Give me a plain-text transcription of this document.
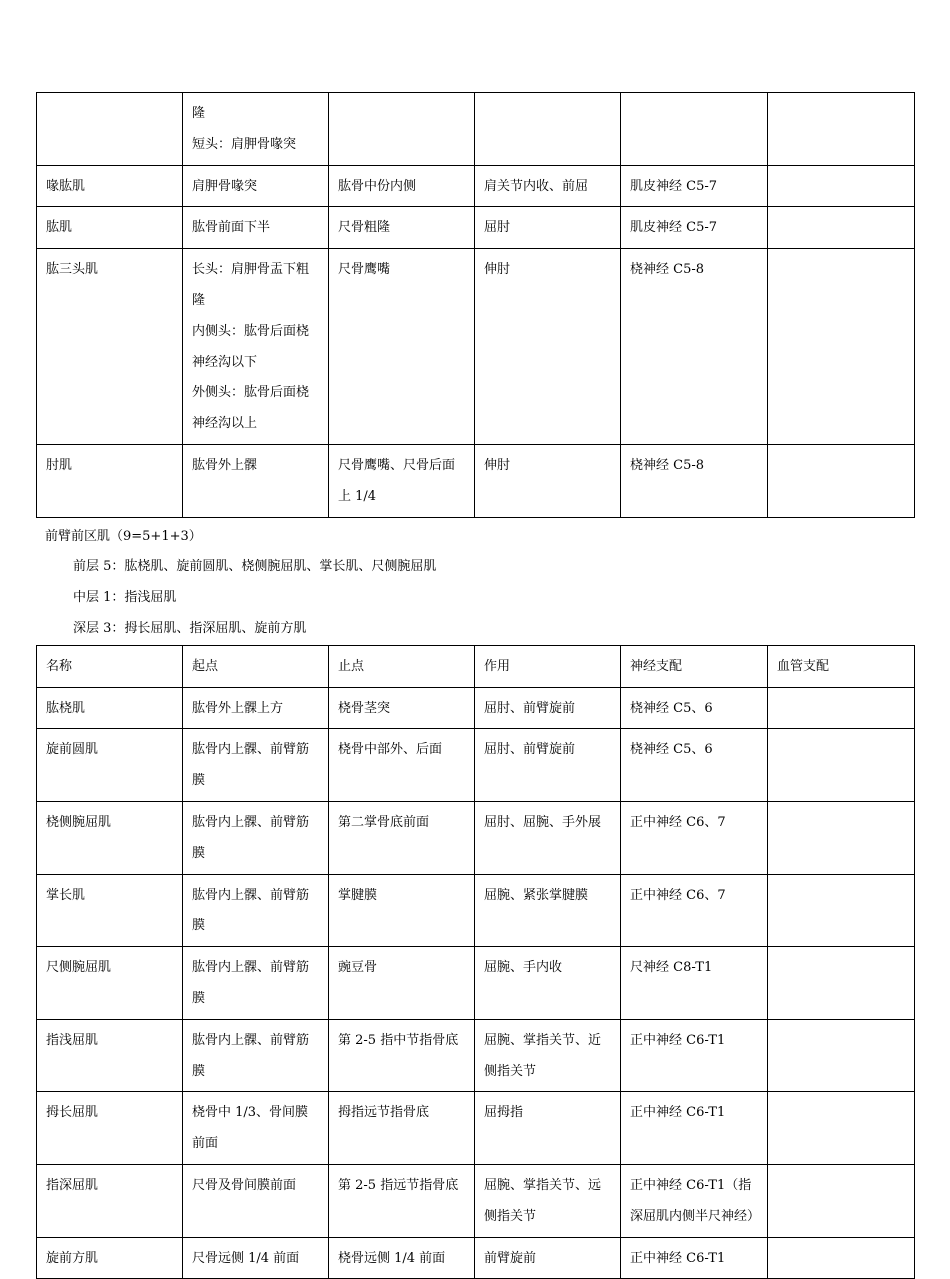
	隆
短头：肩胛骨喙突				

喙肱肌	肩胛骨喙突	肱骨中份内侧	肩关节内收、前屈	肌皮神经 C5-7	

肱肌	肱骨前面下半	尺骨粗隆	屈肘	肌皮神经 C5-7	

肱三头肌	长头：肩胛骨盂下粗隆
内侧头：肱骨后面桡神经沟以下
外侧头：肱骨后面桡神经沟以上	尺骨鹰嘴	伸肘	桡神经 C5-8	

肘肌	肱骨外上髁	尺骨鹰嘴、尺骨后面上 1/4	伸肘	桡神经 C5-8	

前臂前区肌（9=5+1+3）

前层 5：肱桡肌、旋前圆肌、桡侧腕屈肌、掌长肌、尺侧腕屈肌

中层 1：指浅屈肌

深层 3：拇长屈肌、指深屈肌、旋前方肌

名称	起点	止点	作用	神经支配	血管支配

肱桡肌	肱骨外上髁上方	桡骨茎突	屈肘、前臂旋前	桡神经 C5、6	

旋前圆肌	肱骨内上髁、前臂筋膜	桡骨中部外、后面	屈肘、前臂旋前	桡神经 C5、6	

桡侧腕屈肌	肱骨内上髁、前臂筋膜	第二掌骨底前面	屈肘、屈腕、手外展	正中神经 C6、7	

掌长肌	肱骨内上髁、前臂筋膜	掌腱膜	屈腕、紧张掌腱膜	正中神经 C6、7	

尺侧腕屈肌	肱骨内上髁、前臂筋膜	豌豆骨	屈腕、手内收	尺神经 C8-T1	

指浅屈肌	肱骨内上髁、前臂筋膜	第 2-5 指中节指骨底	屈腕、掌指关节、近侧指关节	正中神经 C6-T1	

拇长屈肌	桡骨中 1/3、骨间膜前面	拇指远节指骨底	屈拇指	正中神经 C6-T1	

指深屈肌	尺骨及骨间膜前面	第 2-5 指远节指骨底	屈腕、掌指关节、远侧指关节	正中神经 C6-T1（指深屈肌内侧半尺神经）	

旋前方肌	尺骨远侧 1/4 前面	桡骨远侧 1/4 前面	前臂旋前	正中神经 C6-T1	
